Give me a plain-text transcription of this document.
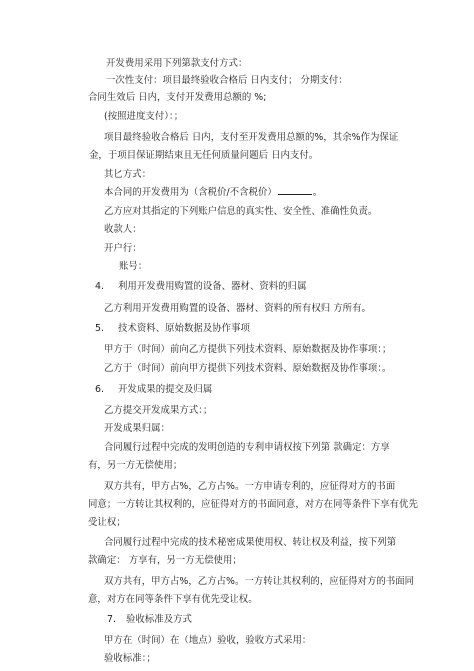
开发费用采用下列第款支付方式：
一次性支付：项目最终验收合格后 日内支付； 分期支付：
合同生效后 日内，支付开发费用总额的 %;
(按照进度支付）：；
项目最终验收合格后 日内，支付至开发费用总额的%，其余%作为保证
金，于项目保证期结束且无任何质量问题后 日内支付。
其匕方式：
本合同的开发费用为（含税价/不含税价）	。
乙方应对其指定的下列账户信息的真实性、安全性、准确性负责。
收款人：
开户行：
账号：
4. 利用开发费用购置的设备、器材、资料的归属
乙方利用开发费用购置的设备、器材、资料的所有权归 方所有。
5. 技术资料、原始数据及协作事项
甲方于（时间）前向乙方提供下列技术资料、原始数据及协作事项：；
乙方于（时间）前向甲方提供下列技术资料、原始数据及协作事项：。
6. 开发成果的提交及归属
乙方提交开发成果方式：；
开发成果归属：
合同履行过程中完成的发明创造的专利申请权按下列第 款确定：方享
有，另一方无偿使用；
双方共有，甲方占%，乙方占%。一方申请专利的，应征得对方的书面
同意；一方转让其权利的，应征得对方的书面同意，对方在同等条件下享有优先
受让权；
合同履行过程中完成的技术秘密成果使用权、转让权及利益，按下列第
款确定： 方享有，另一方无偿使用；
双方共有，甲方占%，乙方占%。一方转让其权利的，应征得对方的书面同
意，对方在同等条件下享有优先受让权。
7. 验收标准及方式
甲方在（时间）在（地点）验收，验收方式采用：
验收标准：；
